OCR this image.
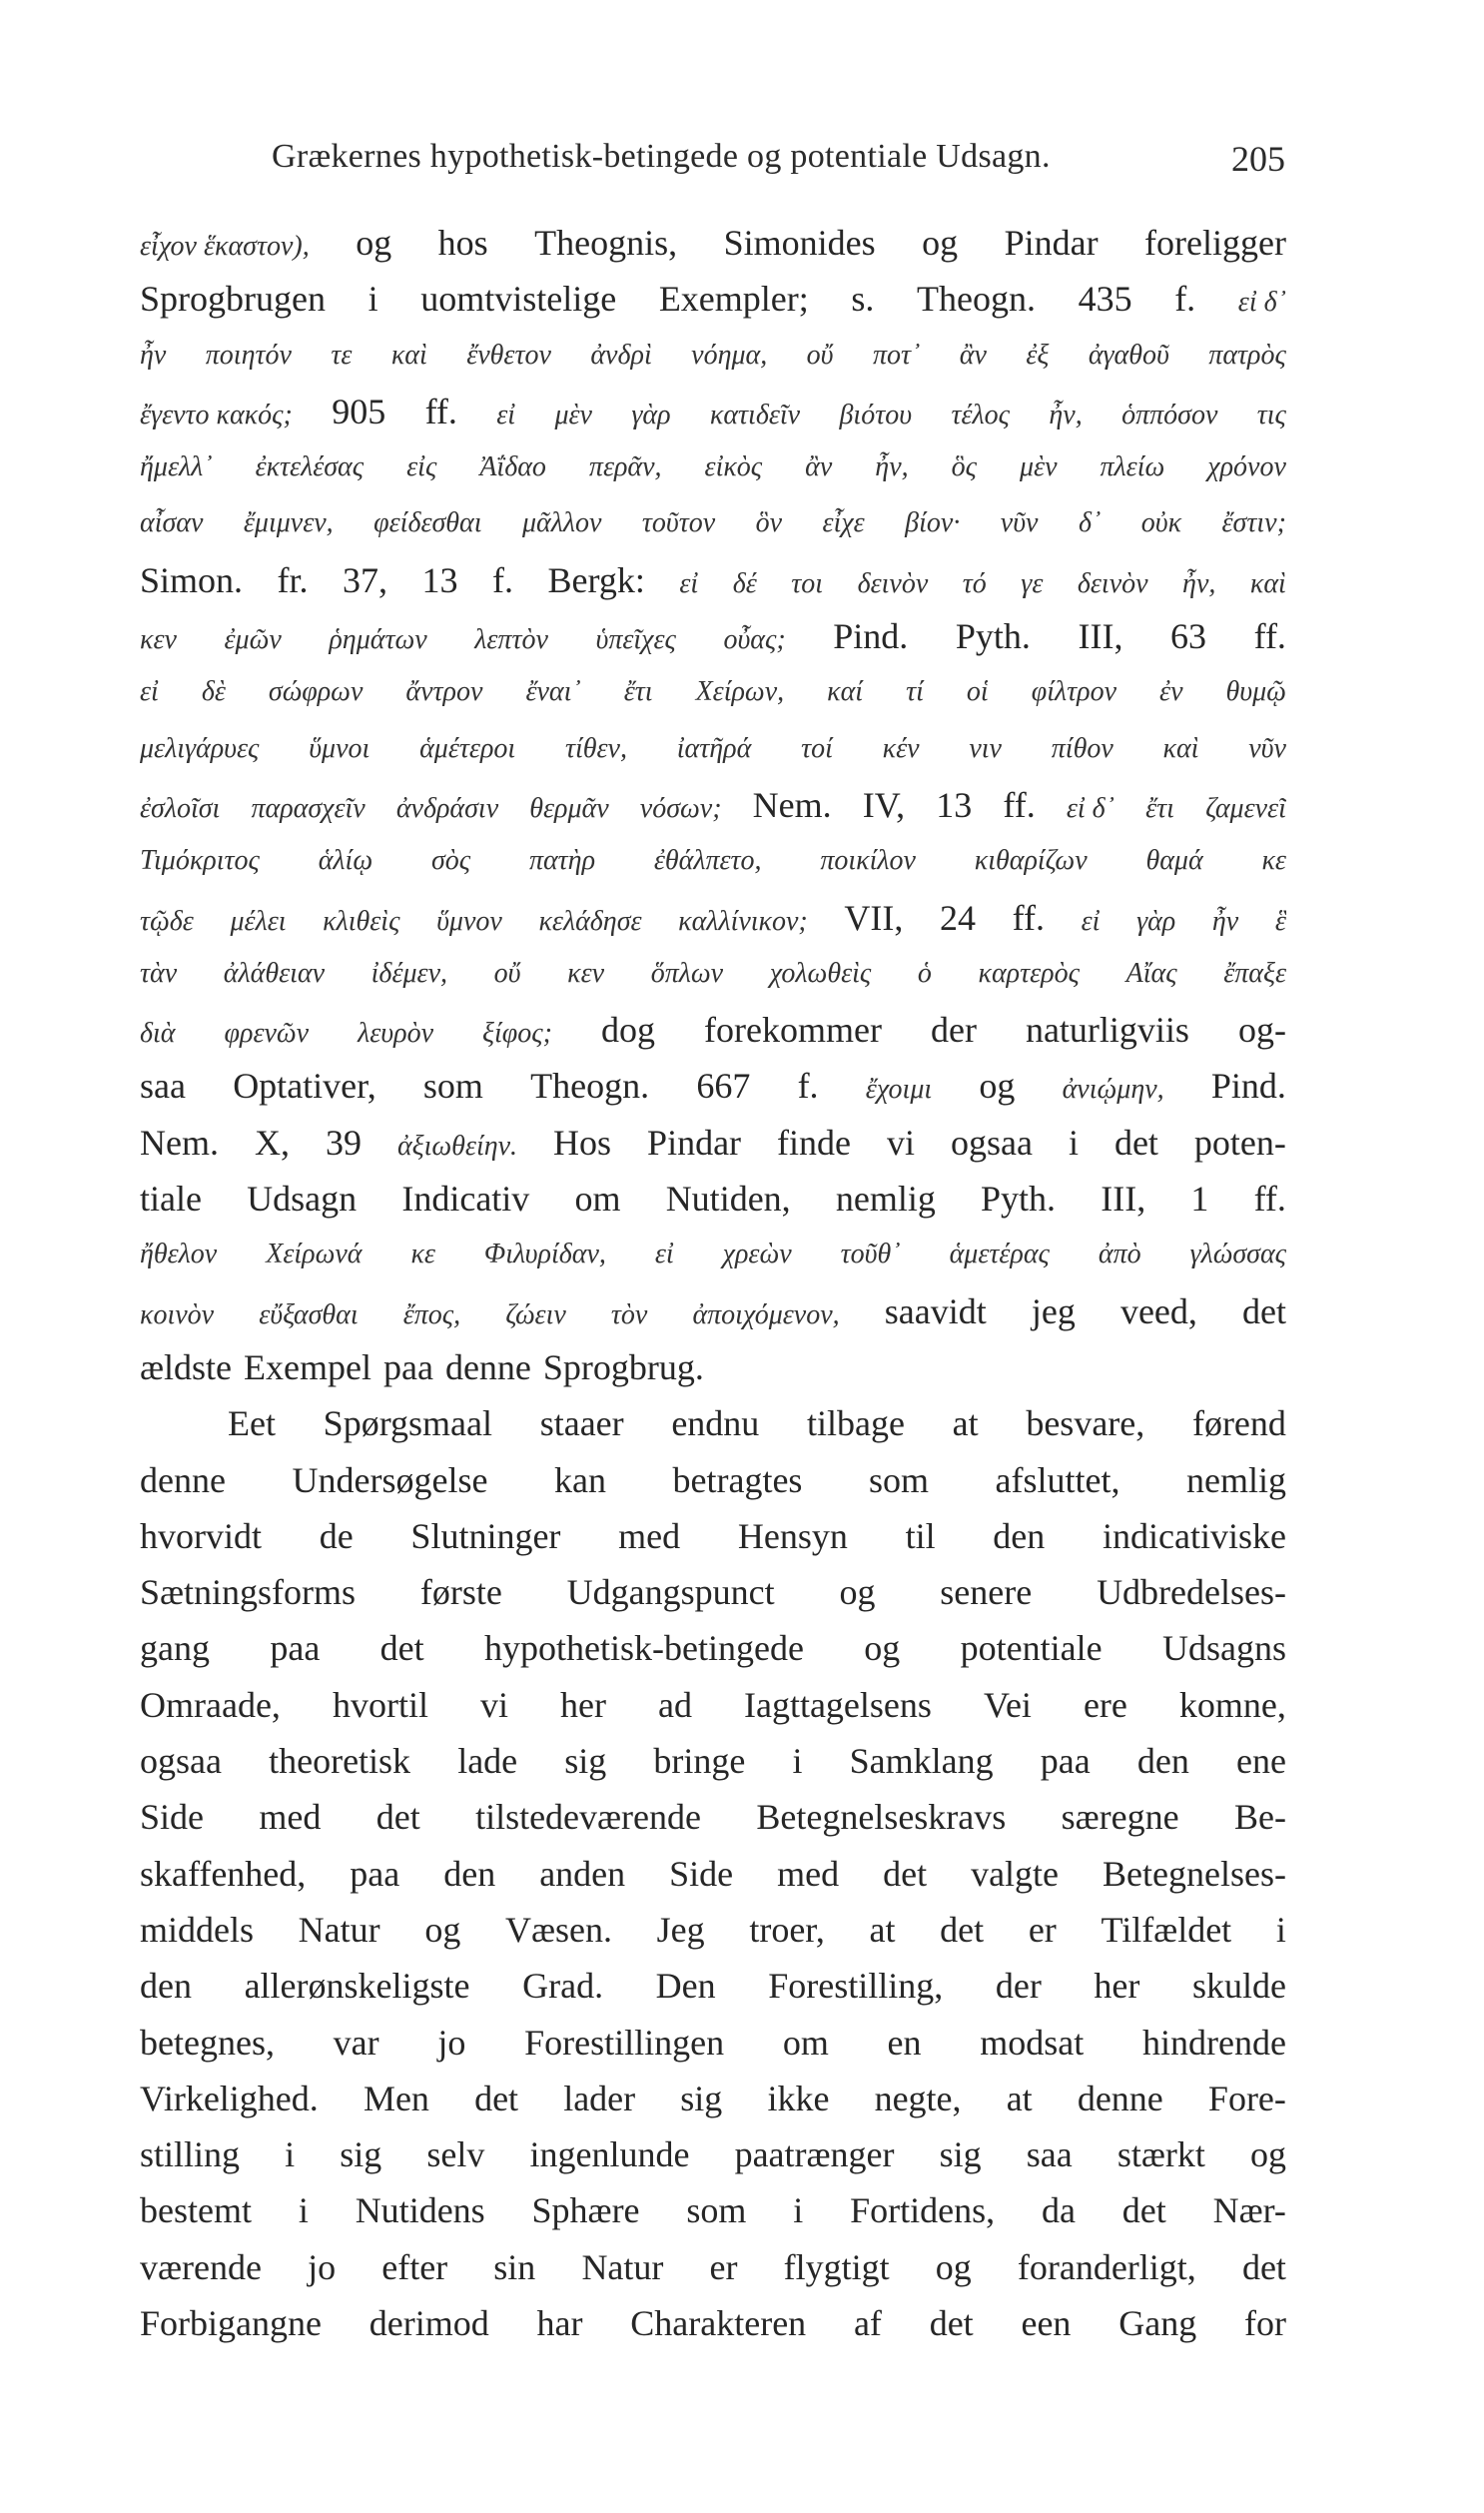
Grækernes hypothetisk-betingede og potentiale Udsagn.	205
εἶχον ἕκαστον), og hos Theognis, Simonides og Pindar foreligger
Sprogbrugen i uomtvistelige Exempler; s. Theogn. 435 f. εἰ δ᾽
ἦν ποιητόν τε καὶ ἔνθετον ἀνδρὶ νόημα, οὔ ποτ᾽ ἂν ἐξ ἀγαθοῦ πατρὸς
ἔγεντο κακός; 905 ff. εἰ μὲν γὰρ κατιδεῖν βιότου τέλος ἦν, ὁππόσον τις
ἤμελλ᾽ ἐκτελέσας εἰς Ἀΐδαο περᾶν, εἰκὸς ἂν ἦν, ὃς μὲν πλείω χρόνον
αἶσαν ἔμιμνεν, φείδεσθαι μᾶλλον τοῦτον ὃν εἶχε βίον· νῦν δ᾽ οὐκ ἔστιν;
Simon. fr. 37, 13 f. Bergk: εἰ δέ τοι δεινὸν τό γε δεινὸν ἦν, καὶ
κεν ἐμῶν ῥημάτων λεπτὸν ὑπεῖχες οὖας; Pind. Pyth. III, 63 ff.
εἰ δὲ σώφρων ἄντρον ἔναι᾽ ἔτι Χείρων, καί τί οἱ φίλτρον ἐν θυμῷ
μελιγάρυες ὕμνοι ἁμέτεροι τίθεν, ἰατῆρά τοί κέν νιν πίθον καὶ νῦν
ἐσλοῖσι παρασχεῖν ἀνδράσιν θερμᾶν νόσων; Nem. IV, 13 ff. εἰ δ᾽ ἔτι ζαμενεῖ
Τιμόκριτος ἁλίῳ σὸς πατὴρ ἐθάλπετο, ποικίλον κιθαρίζων θαμά κε
τῷδε μέλει κλιθεὶς ὕμνον κελάδησε καλλίνικον; VII, 24 ff. εἰ γὰρ ἦν ἓ
τὰν ἀλάθειαν ἰδέμεν, οὔ κεν ὅπλων χολωθεὶς ὁ καρτερὸς Αἴας ἔπαξε
διὰ φρενῶν λευρὸν ξίφος; dog forekommer der naturligviis og-
saa Optativer, som Theogn. 667 f. ἔχοιμι og ἀνιῴμην, Pind.
Nem. X, 39 ἀξιωθείην. Hos Pindar finde vi ogsaa i det poten-
tiale Udsagn Indicativ om Nutiden, nemlig Pyth. III, 1 ff.
ἤθελον Χείρωνά κε Φιλυρίδαν, εἰ χρεὼν τοῦθ᾽ ἁμετέρας ἀπὸ γλώσσας
κοινὸν εὔξασθαι ἔπος, ζώειν τὸν ἀποιχόμενον, saavidt jeg veed, det
ældste Exempel paa denne Sprogbrug.
Eet Spørgsmaal staaer endnu tilbage at besvare, førend
denne Undersøgelse kan betragtes som afsluttet, nemlig
hvorvidt de Slutninger med Hensyn til den indicativiske
Sætningsforms første Udgangspunct og senere Udbredelses-
gang paa det hypothetisk-betingede og potentiale Udsagns
Omraade, hvortil vi her ad Iagttagelsens Vei ere komne,
ogsaa theoretisk lade sig bringe i Samklang paa den ene
Side med det tilstedeværende Betegnelseskravs særegne Be-
skaffenhed, paa den anden Side med det valgte Betegnelses-
middels Natur og Væsen. Jeg troer, at det er Tilfældet i
den allerønskeligste Grad. Den Forestilling, der her skulde
betegnes, var jo Forestillingen om en modsat hindrende
Virkelighed. Men det lader sig ikke negte, at denne Fore-
stilling i sig selv ingenlunde paatrænger sig saa stærkt og
bestemt i Nutidens Sphære som i Fortidens, da det Nær-
værende jo efter sin Natur er flygtigt og foranderligt, det
Forbigangne derimod har Charakteren af det een Gang for
